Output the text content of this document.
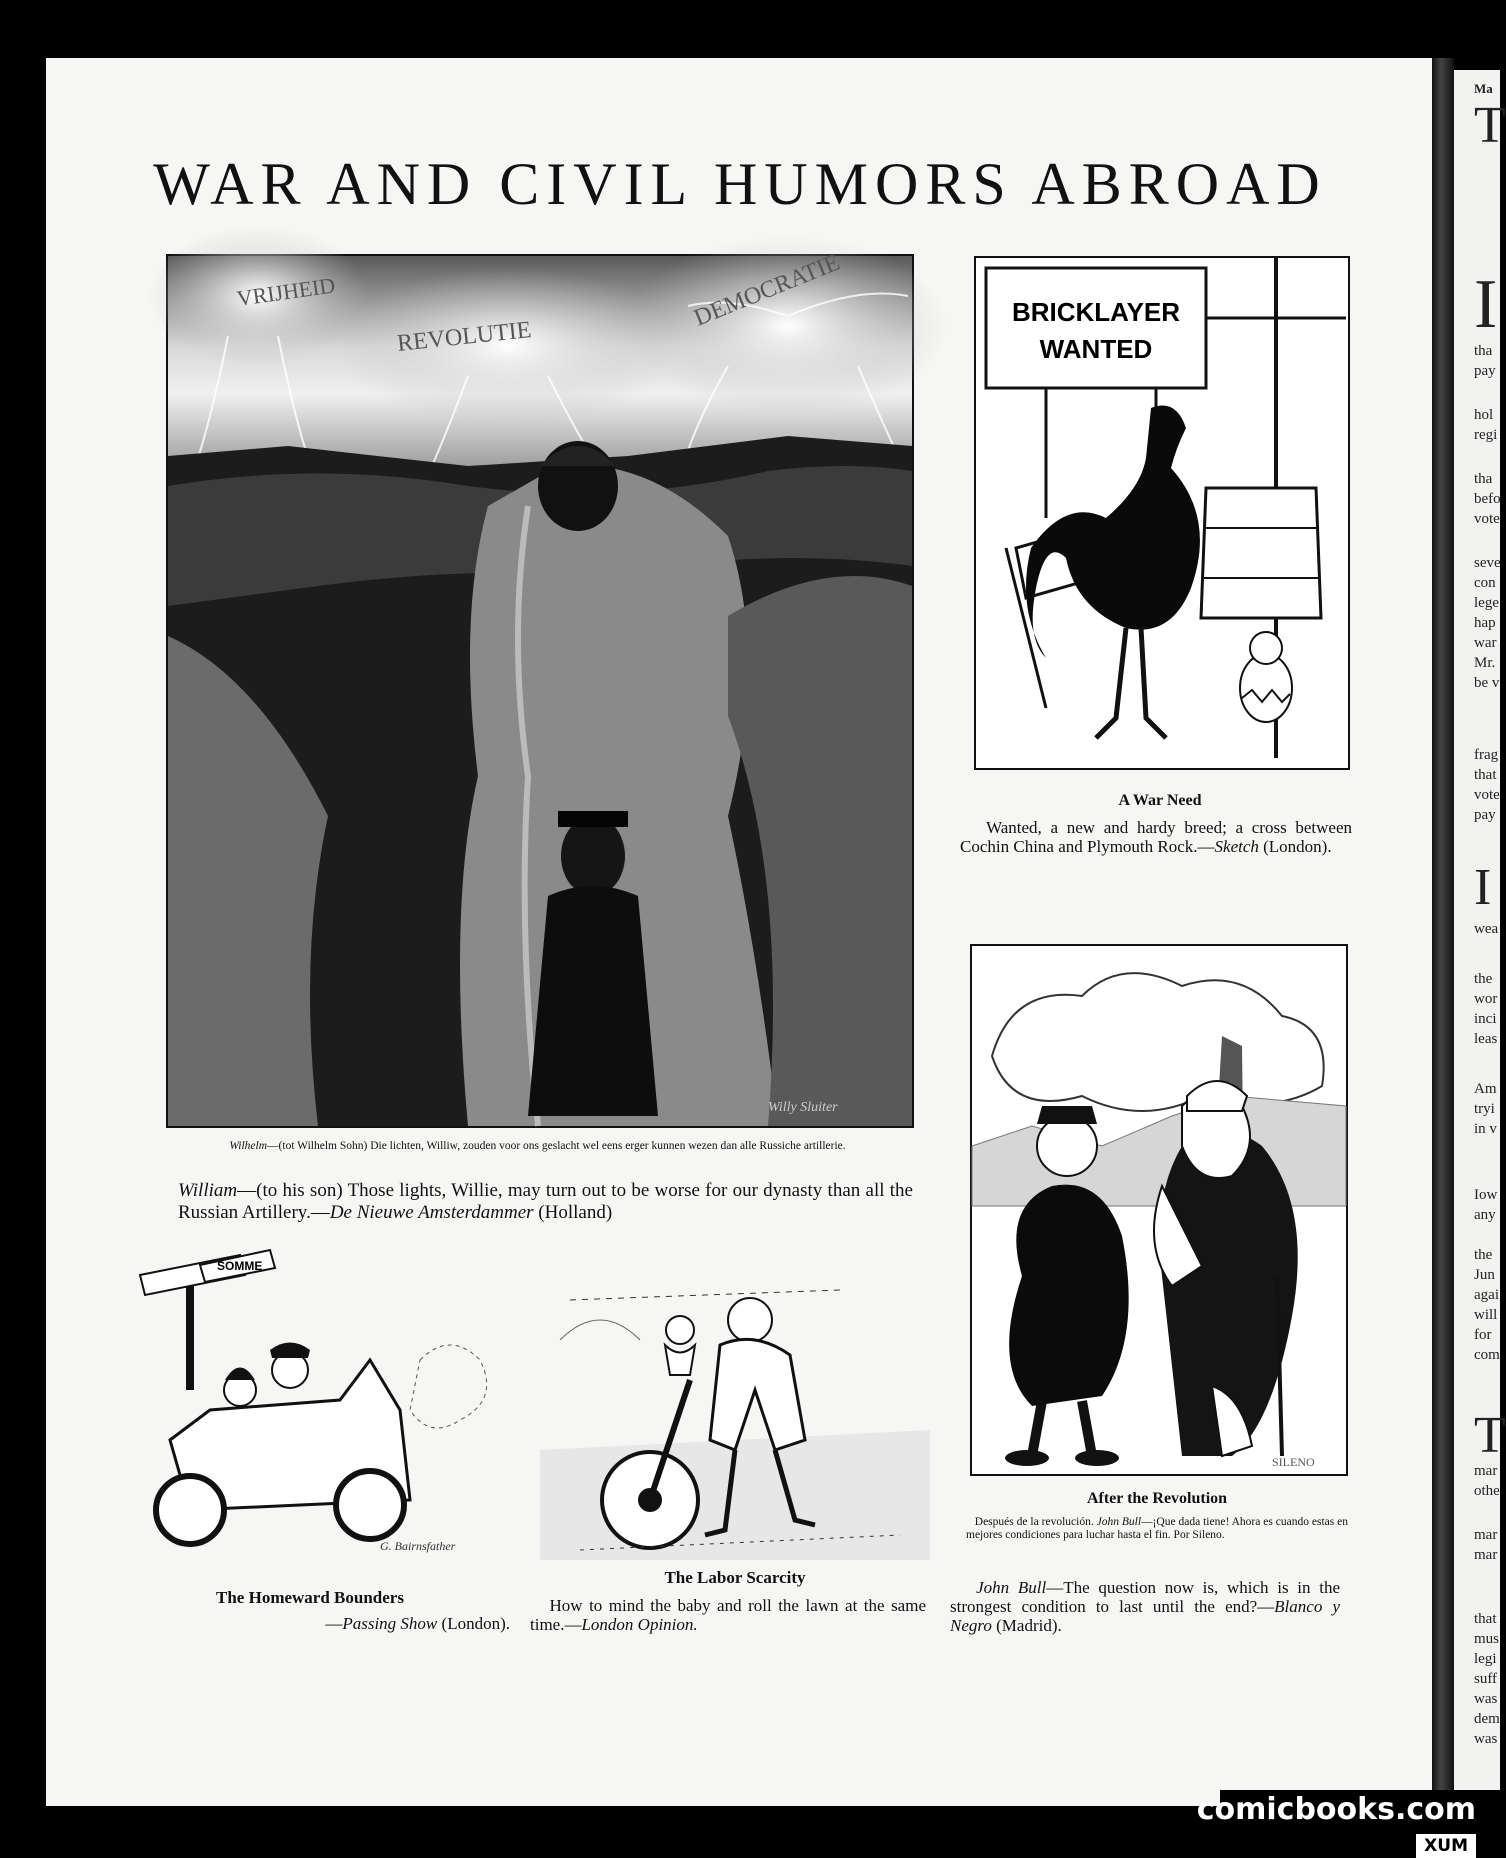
Ma
T
I
tha
pay
hol
regi
tha
befo
vote
seve
con
lege
hap
war
Mr.
be v
frag
that
vote
pay
I
wea
the
wor
inci
leas
Am
tryi
in v
Iow
any
the
Jun
agai
will
for
com
T
mar
othe
mar
mar
that
mus
legi
suff
was
dem
was
WAR AND CIVIL HUMORS ABROAD
VRIJHEID
REVOLUTIE
DEMOCRATIE
Willy Sluiter
Wilhelm—(tot Wilhelm Sohn) Die lichten, Williw, zouden voor ons geslacht wel eens erger kunnen wezen dan alle Russiche artillerie.
William—(to his son) Those lights, Willie, may turn out to be worse for our dynasty than all the Russian Artillery.—De Nieuwe Amsterdammer (Holland)
BRICKLAYER
WANTED
A War Need
Wanted, a new and hardy breed; a cross between Cochin China and Plymouth Rock.—Sketch (London).
SILENO
After the Revolution
Después de la revolución. John Bull—¡Que dada tiene! Ahora es cuando estas en mejores condiciones para luchar hasta el fin. Por Sileno.
John Bull—The question now is, which is in the strongest condition to last until the end?—Blanco y Negro (Madrid).
SOMME
G. Bairnsfather
The Homeward Bounders
—Passing Show (London).
The Labor Scarcity
How to mind the baby and roll the lawn at the same time.—London Opinion.
comicbooks.com
XUM
